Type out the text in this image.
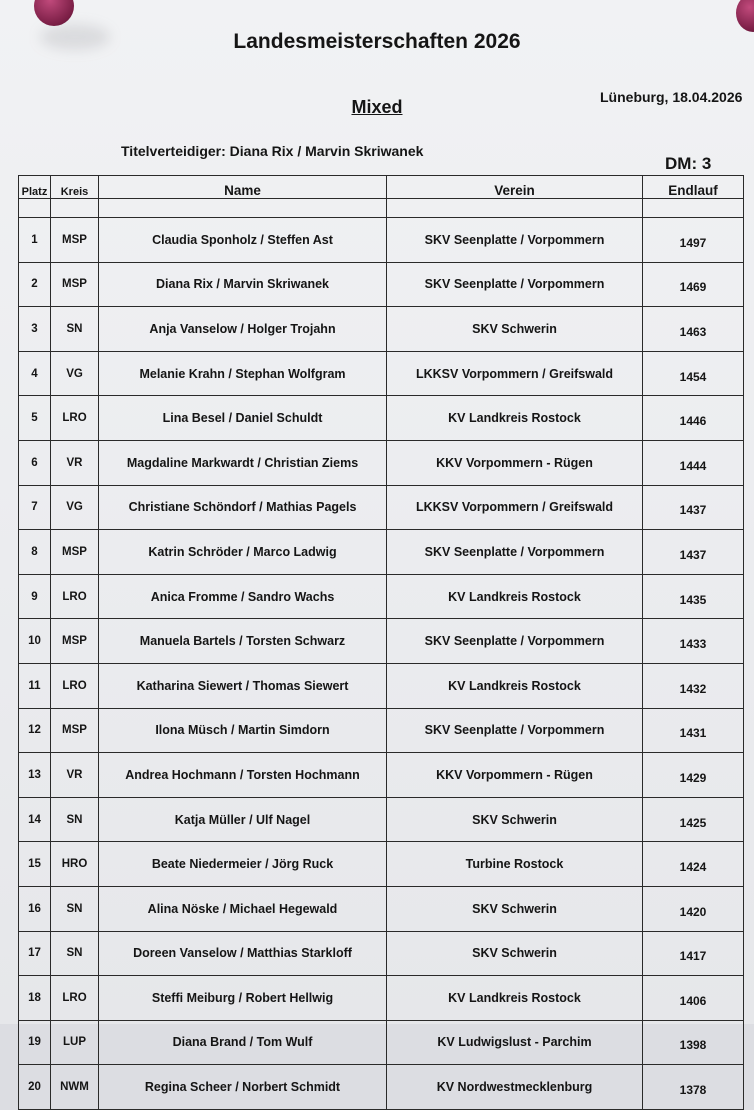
Landesmeisterschaften 2026
Lüneburg, 18.04.2026
Mixed
Titelverteidiger: Diana Rix / Marvin Skriwanek
DM: 3
Platz	Kreis	Name	Verein	Endlauf

1	MSP	Claudia Sponholz / Steffen Ast	SKV Seenplatte / Vorpommern	1497
2	MSP	Diana Rix / Marvin Skriwanek	SKV Seenplatte / Vorpommern	1469
3	SN	Anja Vanselow / Holger Trojahn	SKV Schwerin	1463
4	VG	Melanie Krahn / Stephan Wolfgram	LKKSV Vorpommern / Greifswald	1454
5	LRO	Lina Besel / Daniel Schuldt	KV Landkreis Rostock	1446
6	VR	Magdaline Markwardt / Christian Ziems	KKV Vorpommern - Rügen	1444
7	VG	Christiane Schöndorf / Mathias Pagels	LKKSV Vorpommern / Greifswald	1437
8	MSP	Katrin Schröder / Marco Ladwig	SKV Seenplatte / Vorpommern	1437
9	LRO	Anica Fromme / Sandro Wachs	KV Landkreis Rostock	1435
10	MSP	Manuela Bartels / Torsten Schwarz	SKV Seenplatte / Vorpommern	1433
11	LRO	Katharina Siewert / Thomas Siewert	KV Landkreis Rostock	1432
12	MSP	Ilona Müsch / Martin Simdorn	SKV Seenplatte / Vorpommern	1431
13	VR	Andrea Hochmann / Torsten Hochmann	KKV Vorpommern - Rügen	1429
14	SN	Katja Müller / Ulf Nagel	SKV Schwerin	1425
15	HRO	Beate Niedermeier / Jörg Ruck	Turbine Rostock	1424
16	SN	Alina Nöske / Michael Hegewald	SKV Schwerin	1420
17	SN	Doreen Vanselow / Matthias Starkloff	SKV Schwerin	1417
18	LRO	Steffi Meiburg / Robert Hellwig	KV Landkreis Rostock	1406
19	LUP	Diana Brand / Tom Wulf	KV Ludwigslust - Parchim	1398
20	NWM	Regina Scheer / Norbert Schmidt	KV Nordwestmecklenburg	1378
